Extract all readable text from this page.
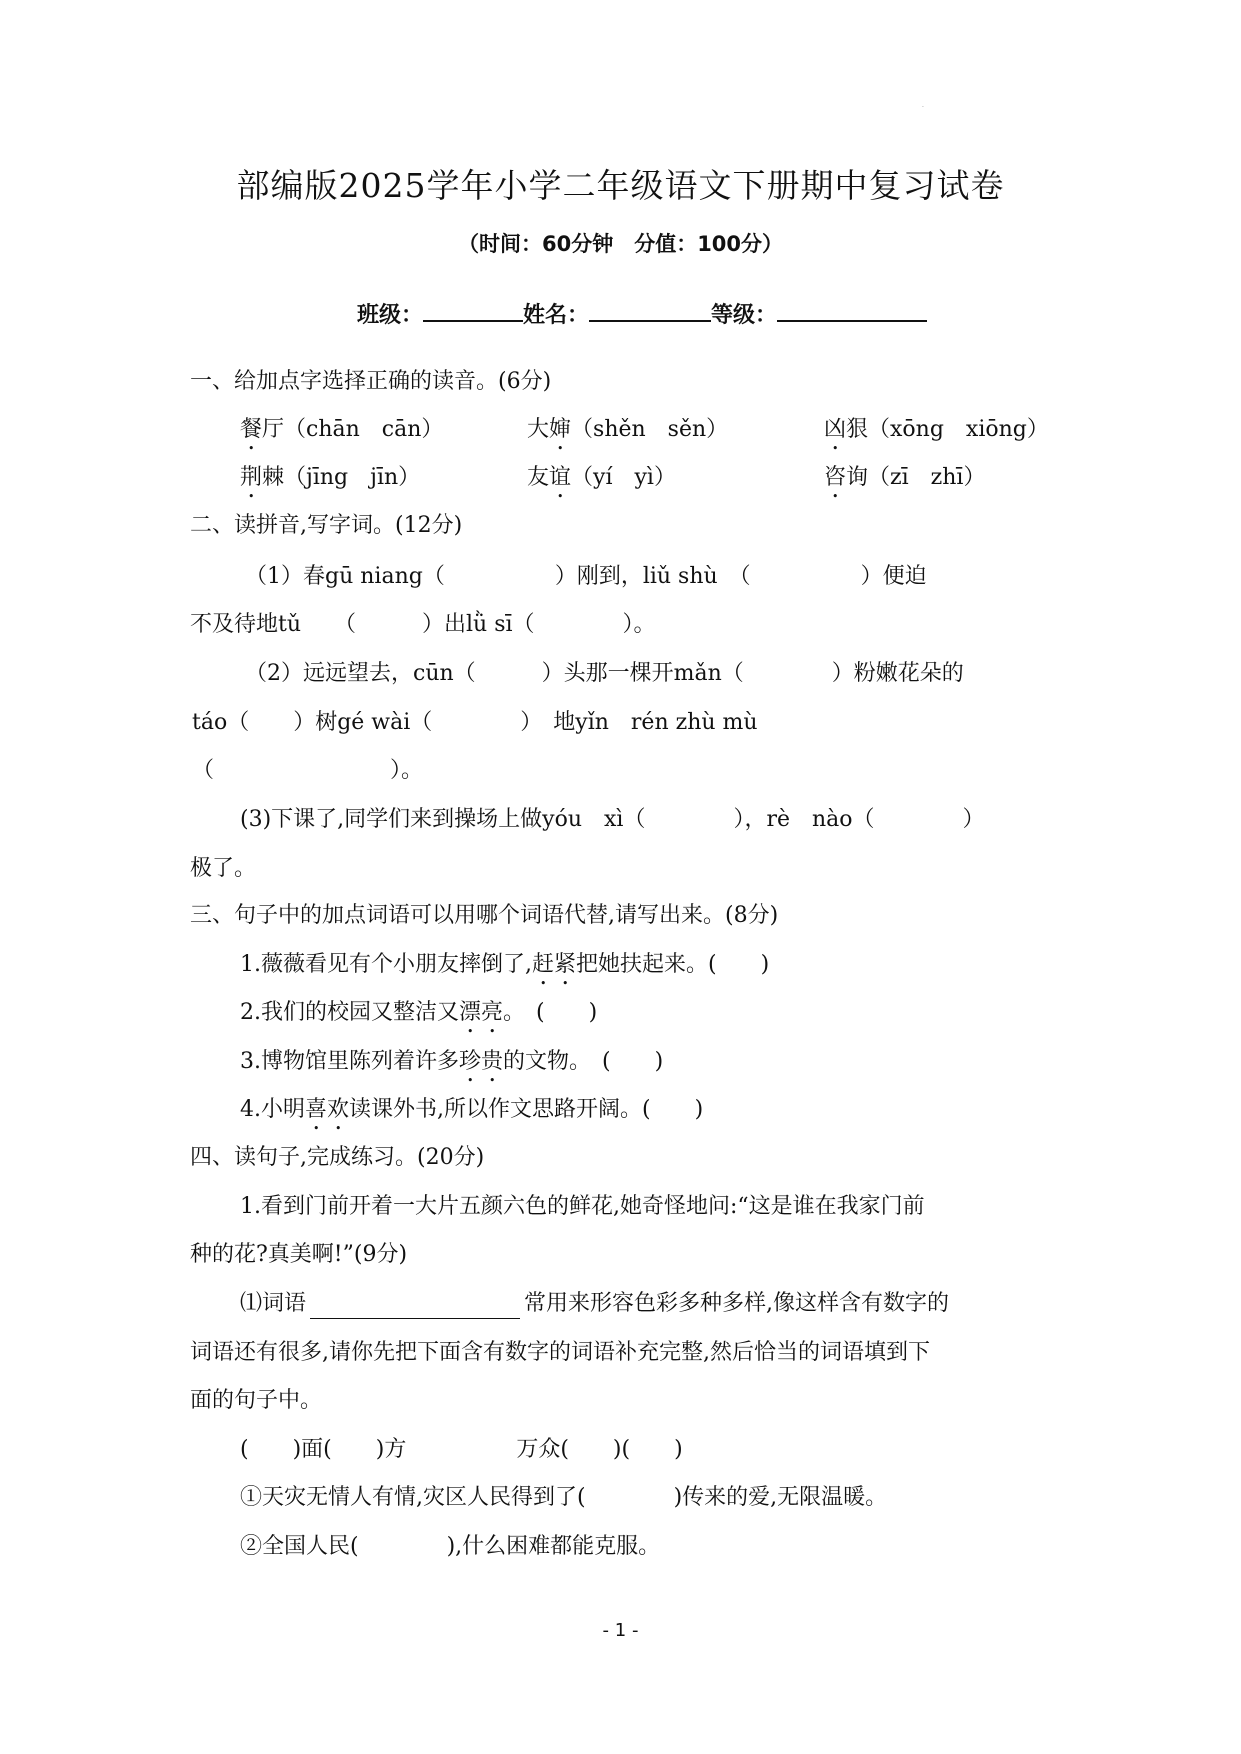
·
部编版2025学年小学二年级语文下册期中复习试卷
（时间：60分钟　分值：100分）
班级：	姓名：	等级：
一、给加点字选择正确的读音。(6分)
餐厅（chān　cān）	大婶（shěn　sěn）	凶狠（xōng　xiōng）
荆棘（jīng　jīn）	友谊（yí　yì）	咨询（zī　zhī）
二、读拼音,写字词。(12分)
（1）春gū niang（　　　　　）刚到，liǔ shù　（　　　　　）便迫
不及待地tǔ　　（　　　）出lǜ sī（　　　　）。
（2）远远望去，cūn（　　　）头那一棵开mǎn（　　　　）粉嫩花朵的
táo（　　）树gé wài（　　　　）　地yǐn　rén zhù mù
（　　　　　　　　）。
(3)下课了,同学们来到操场上做yóu　xì（　　　　），rè　nào（　　　　）
极了。
三、句子中的加点词语可以用哪个词语代替,请写出来。(8分)
1.薇薇看见有个小朋友摔倒了,赶紧把她扶起来。(　　)
2.我们的校园又整洁又漂亮。　(　　)
3.博物馆里陈列着许多珍贵的文物。　(　　)
4.小明喜欢读课外书,所以作文思路开阔。(　　)
四、读句子,完成练习。(20分)
1.看到门前开着一大片五颜六色的鲜花,她奇怪地问:“这是谁在我家门前
种的花?真美啊!”(9分)
⑴词语	常用来形容色彩多种多样,像这样含有数字的
词语还有很多,请你先把下面含有数字的词语补充完整,然后恰当的词语填到下
面的句子中。
(　　)面(　　)方　　　　　万众(　　)(　　)
①天灾无情人有情,灾区人民得到了(　　　　)传来的爱,无限温暖。
②全国人民(　　　　),什么困难都能克服。
- 1 -
